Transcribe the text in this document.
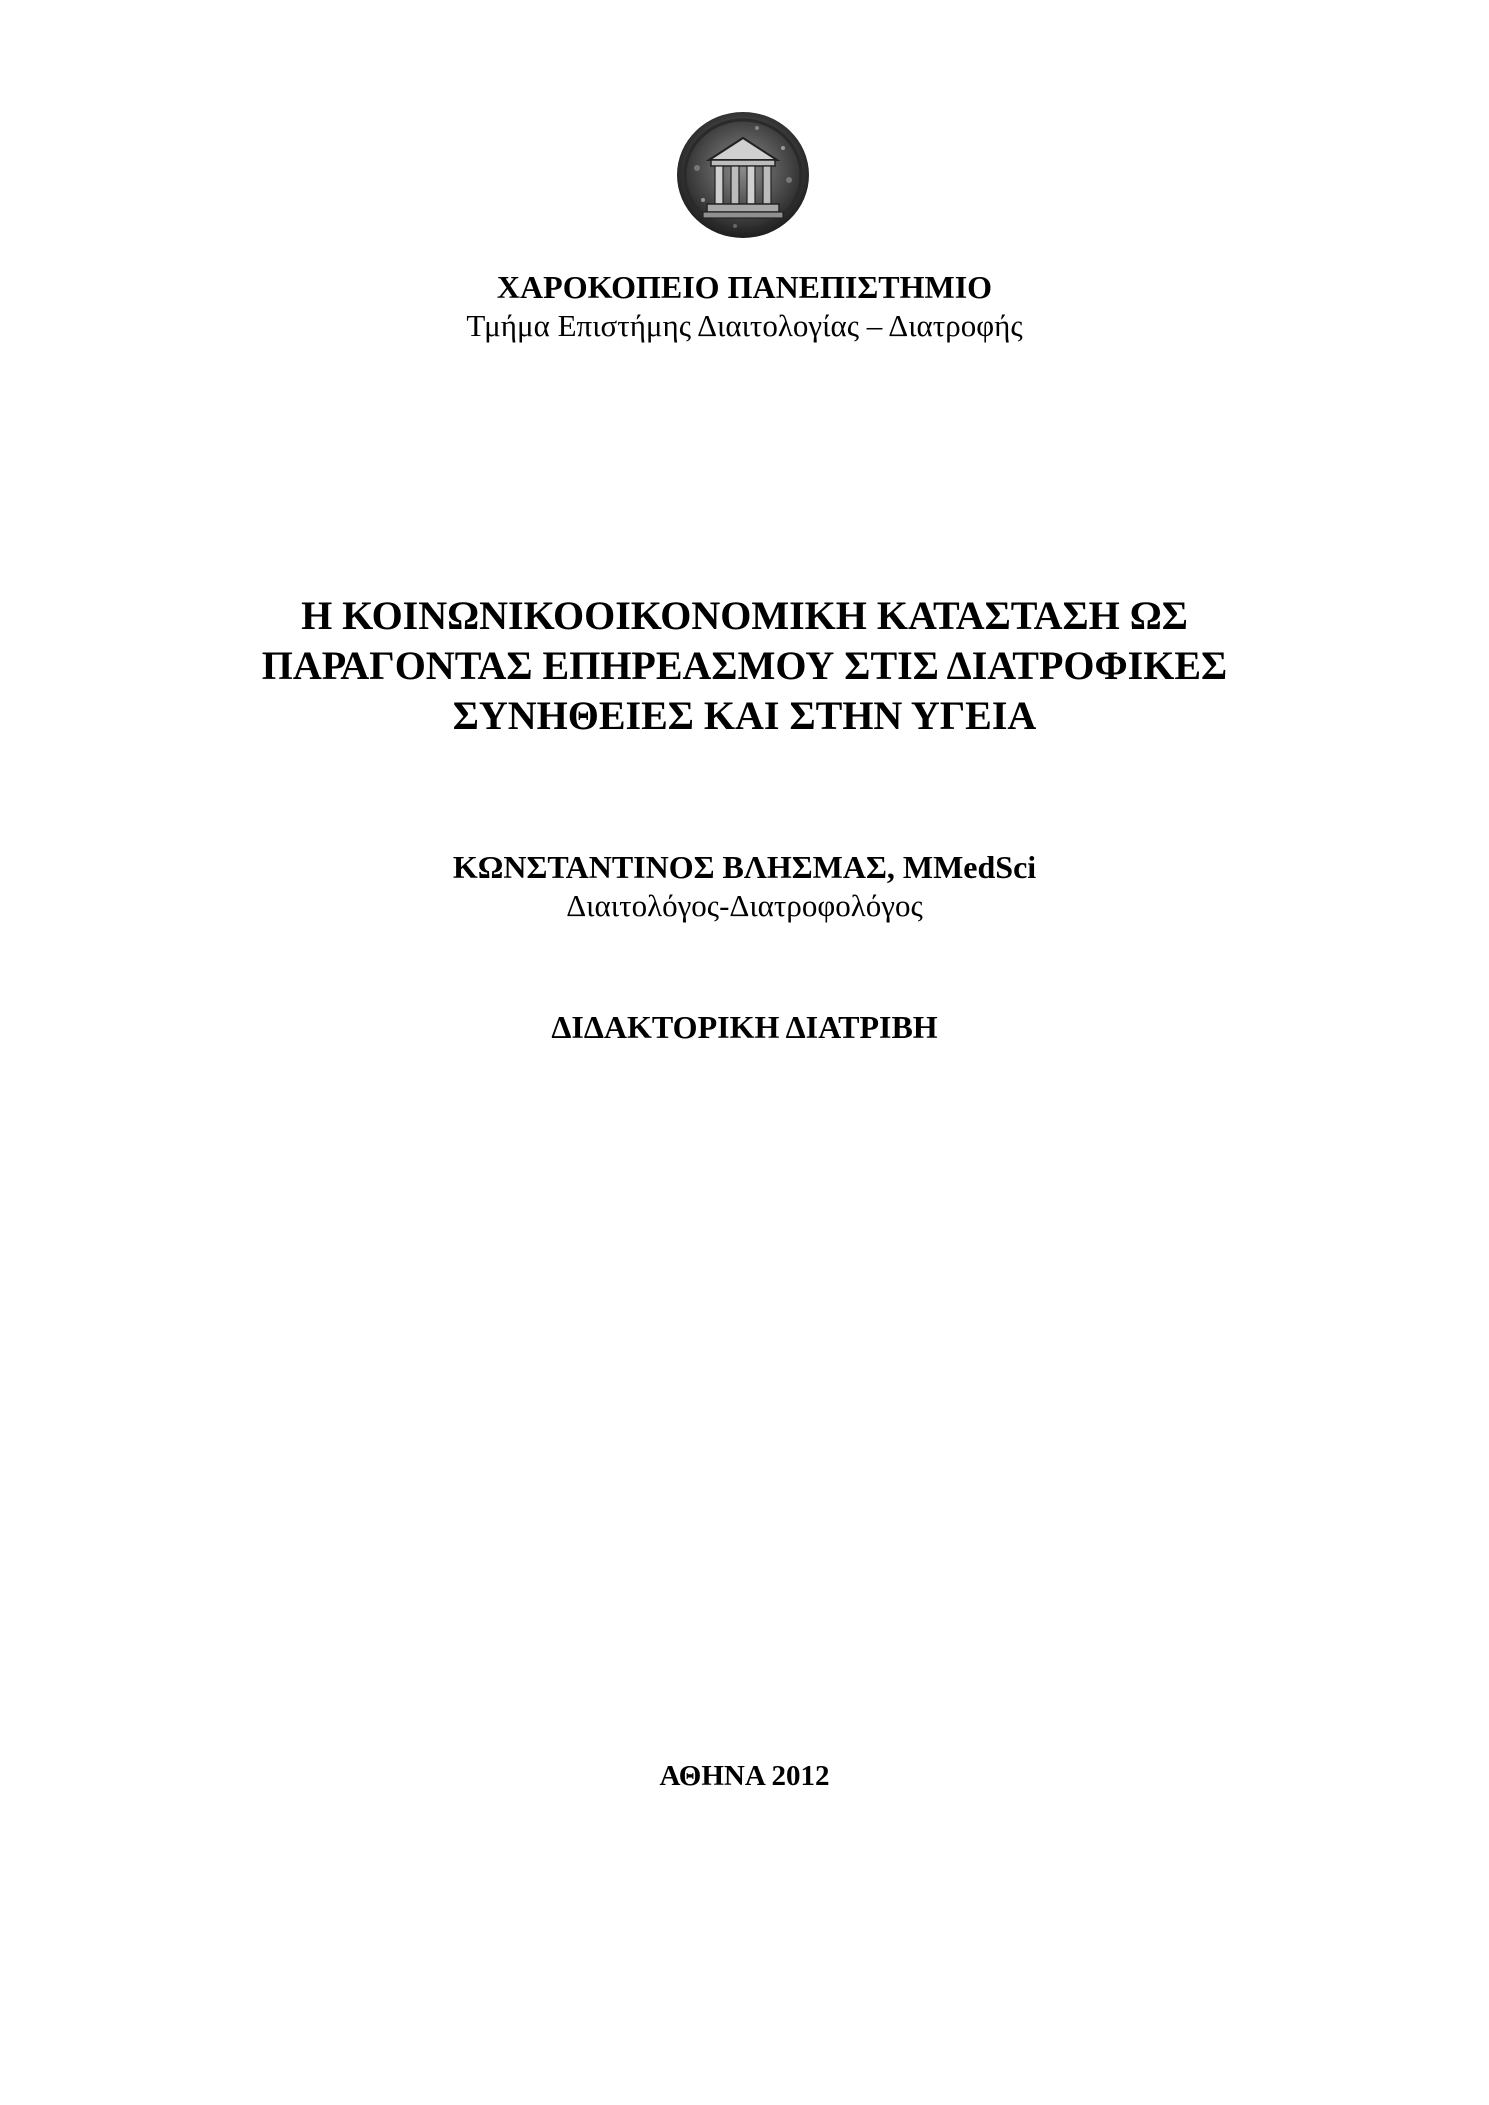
ΧΑΡΟΚΟΠΕΙΟ ΠΑΝΕΠΙΣΤΗΜΙΟ
Τμήμα Επιστήμης Διαιτολογίας – Διατροφής
Η ΚΟΙΝΩΝΙΚΟΟΙΚΟΝΟΜΙΚΗ ΚΑΤΑΣΤΑΣΗ ΩΣ
ΠΑΡΑΓΟΝΤΑΣ ΕΠΗΡΕΑΣΜΟΥ ΣΤΙΣ ΔΙΑΤΡΟΦΙΚΕΣ
ΣΥΝΗΘΕΙΕΣ ΚΑΙ ΣΤΗΝ ΥΓΕΙΑ
ΚΩΝΣΤΑΝΤΙΝΟΣ ΒΛΗΣΜΑΣ, MMedSci
Διαιτολόγος-Διατροφολόγος
ΔΙΔΑΚΤΟΡΙΚΗ ΔΙΑΤΡΙΒΗ
ΑΘΗΝΑ 2012
